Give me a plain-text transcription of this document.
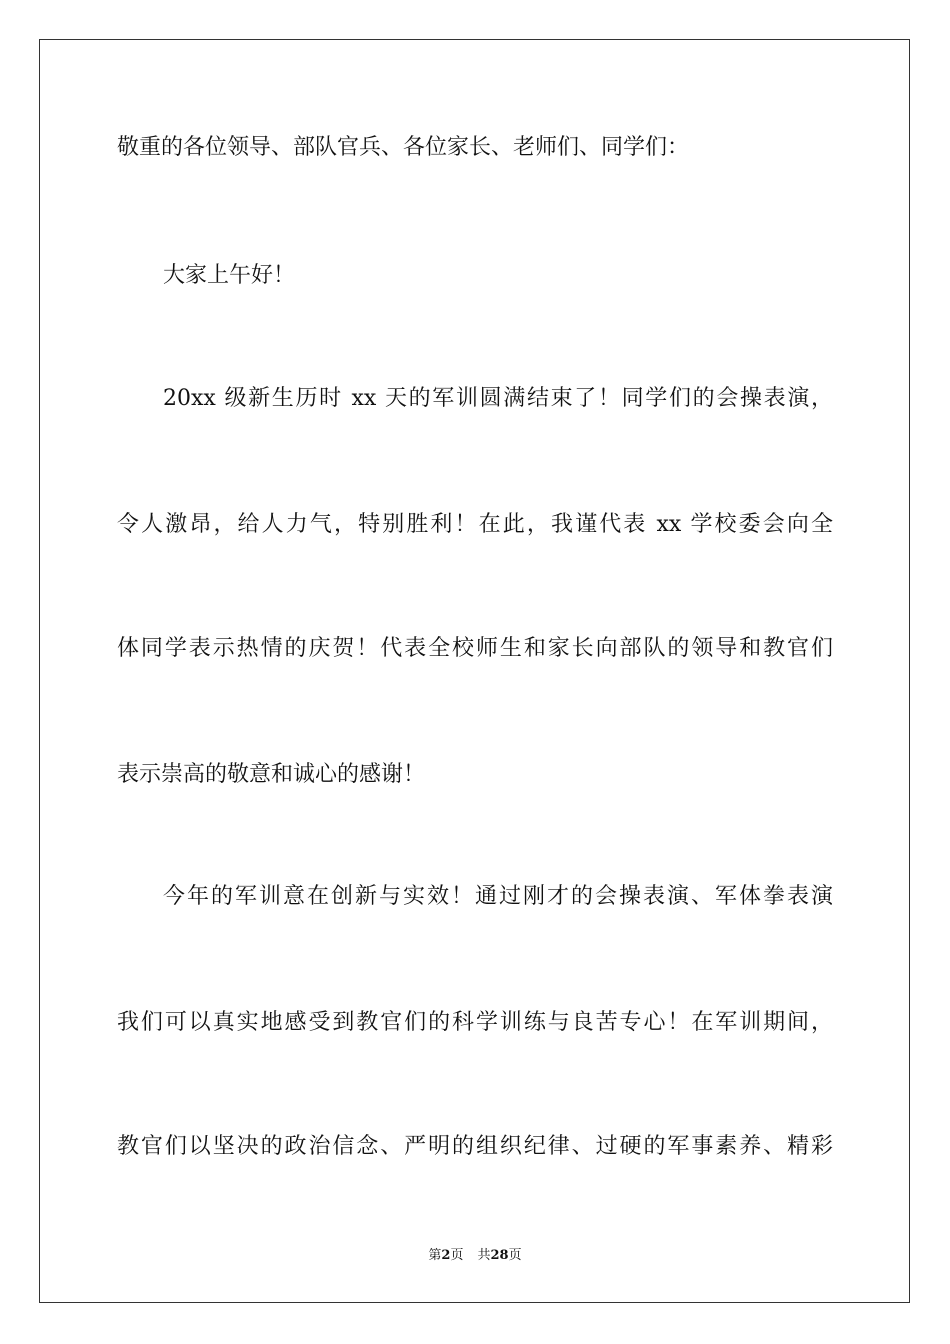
敬重的各位领导、部队官兵、各位家长、老师们、同学们：
大家上午好！
20xx 级新生历时 xx 天的军训圆满结束了！同学们的会操表演，
令人激昂，给人力气，特别胜利！在此，我谨代表 xx 学校委会向全
体同学表示热情的庆贺！代表全校师生和家长向部队的领导和教官们
表示崇高的敬意和诚心的感谢！
今年的军训意在创新与实效！通过刚才的会操表演、军体拳表演
我们可以真实地感受到教官们的科学训练与良苦专心！在军训期间，
教官们以坚决的政治信念、严明的组织纪律、过硬的军事素养、精彩
第2页 共28页
